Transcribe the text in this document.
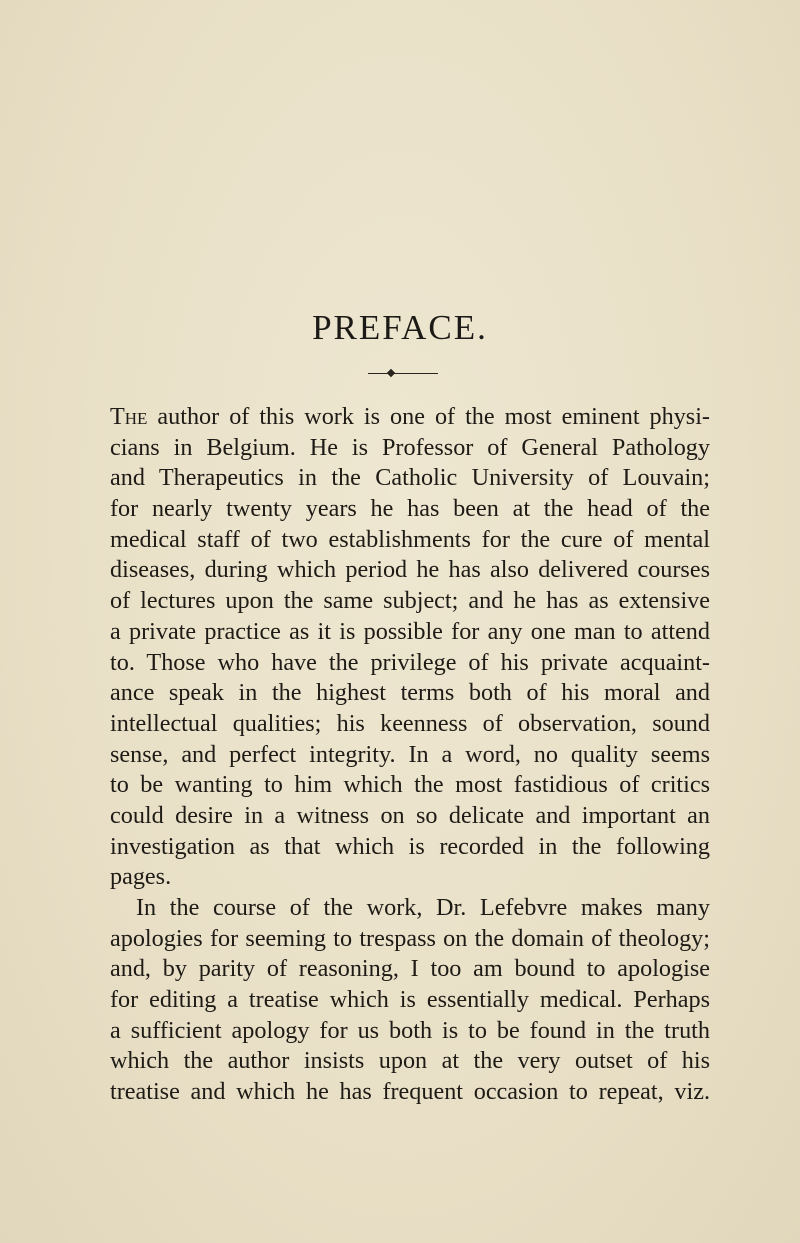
PREFACE.
The author of this work is one of the most eminent physi-
cians in Belgium. He is Professor of General Pathology
and Therapeutics in the Catholic University of Louvain;
for nearly twenty years he has been at the head of the
medical staff of two establishments for the cure of mental
diseases, during which period he has also delivered courses
of lectures upon the same subject; and he has as extensive
a private practice as it is possible for any one man to attend
to. Those who have the privilege of his private acquaint-
ance speak in the highest terms both of his moral and
intellectual qualities; his keenness of observation, sound
sense, and perfect integrity. In a word, no quality seems
to be wanting to him which the most fastidious of critics
could desire in a witness on so delicate and important an
investigation as that which is recorded in the following
pages.
In the course of the work, Dr. Lefebvre makes many
apologies for seeming to trespass on the domain of theology;
and, by parity of reasoning, I too am bound to apologise
for editing a treatise which is essentially medical. Perhaps
a sufficient apology for us both is to be found in the truth
which the author insists upon at the very outset of his
treatise and which he has frequent occasion to repeat, viz.
